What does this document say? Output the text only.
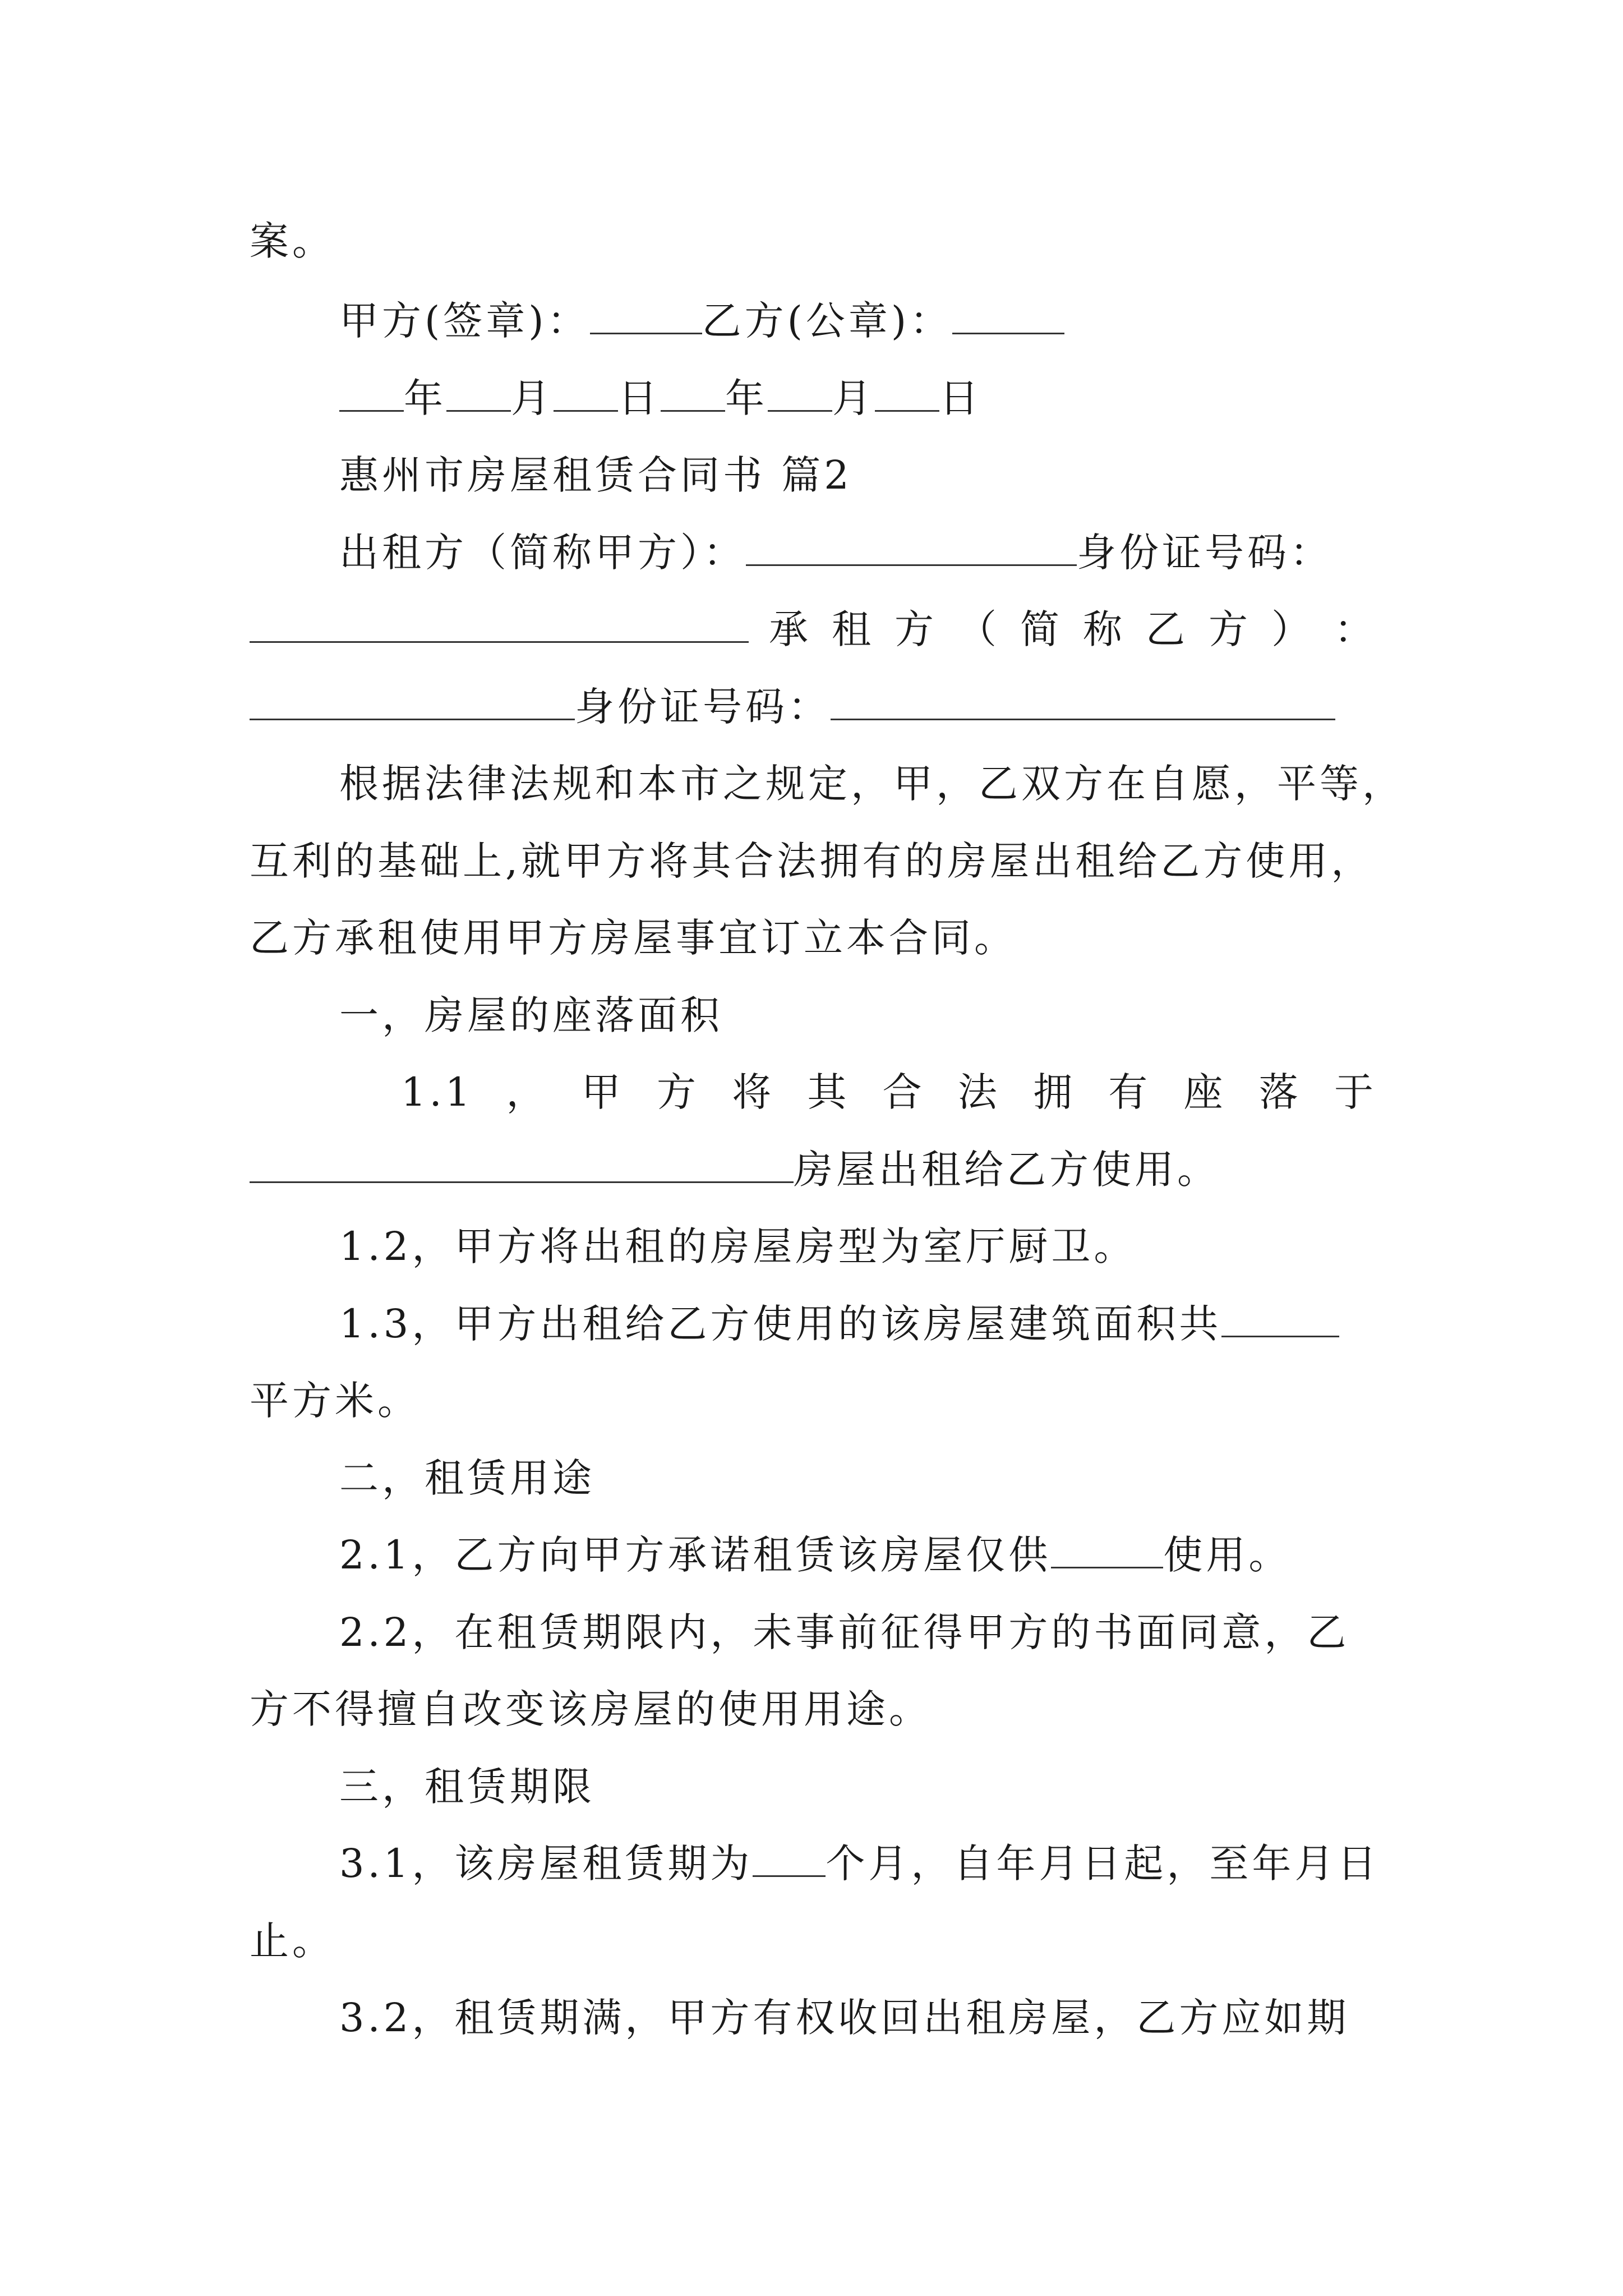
案。
甲方(签章)：	乙方(公章)：
年 月 日 年 月 日
惠州市房屋租赁合同书 篇2
出租方（简称甲方）：	身份证号码：
承 租 方 （ 简 称 乙 方 ） ：
身份证号码：
根据法律法规和本市之规定，甲，乙双方在自愿，平等，
互利的基础上,就甲方将其合法拥有的房屋出租给乙方使用，
乙方承租使用甲方房屋事宜订立本合同。
一，房屋的座落面积
1.1 ， 甲 方 将 其 合 法 拥 有 座 落 于
房屋出租给乙方使用。
1.2，甲方将出租的房屋房型为室厅厨卫。
1.3，甲方出租给乙方使用的该房屋建筑面积共
平方米。
二，租赁用途
2.1，乙方向甲方承诺租赁该房屋仅供	使用。
2.2，在租赁期限内，未事前征得甲方的书面同意，乙
方不得擅自改变该房屋的使用用途。
三，租赁期限
3.1，该房屋租赁期为 个月，自年月日起，至年月日
止。
3.2，租赁期满，甲方有权收回出租房屋，乙方应如期
